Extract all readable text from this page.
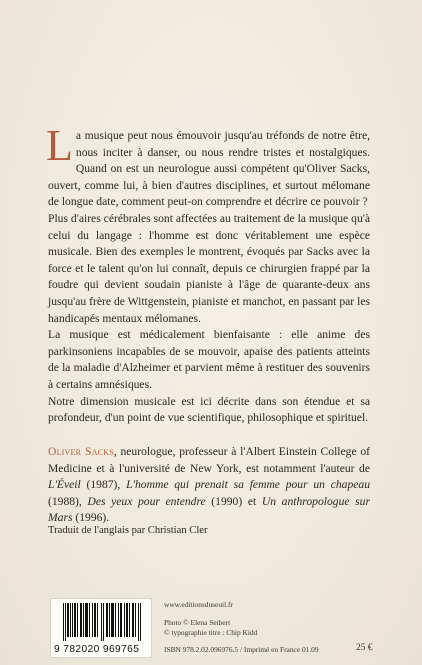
La musique peut nous émouvoir jusqu'au tréfonds de notre être, nous inciter à danser, ou nous rendre tristes et nostalgiques. Quand on est un neurologue aussi compétent qu'Oliver Sacks, ouvert, comme lui, à bien d'autres disciplines, et surtout mélomane de longue date, comment peut-on comprendre et décrire ce pouvoir ?

Plus d'aires cérébrales sont affectées au traitement de la musique qu'à celui du langage : l'homme est donc véritablement une espèce musicale. Bien des exemples le montrent, évoqués par Sacks avec la force et le talent qu'on lui connaît, depuis ce chirurgien frappé par la foudre qui devient soudain pianiste à l'âge de quarante-deux ans jusqu'au frère de Wittgenstein, pianiste et manchot, en passant par les handicapés mentaux mélomanes.

La musique est médicalement bienfaisante : elle anime des parkinsoniens incapables de se mouvoir, apaise des patients atteints de la maladie d'Alzheimer et parvient même à restituer des souvenirs à certains amnésiques.

Notre dimension musicale est ici décrite dans son étendue et sa profondeur, d'un point de vue scientifique, philosophique et spirituel.

Oliver Sacks, neurologue, professeur à l'Albert Einstein College of Medicine et à l'université de New York, est notamment l'auteur de L'Éveil (1987), L'homme qui prenait sa femme pour un chapeau (1988), Des yeux pour entendre (1990) et Un anthropologue sur Mars (1996).

Traduit de l'anglais par Christian Cler
9 782020 969765
www.editionsduseuil.fr
Photo © Elena Seibert
© typographie titre : Chip Kidd
ISBN 978.2.02.096976.5 / Imprimé en France 01.09	25 €
